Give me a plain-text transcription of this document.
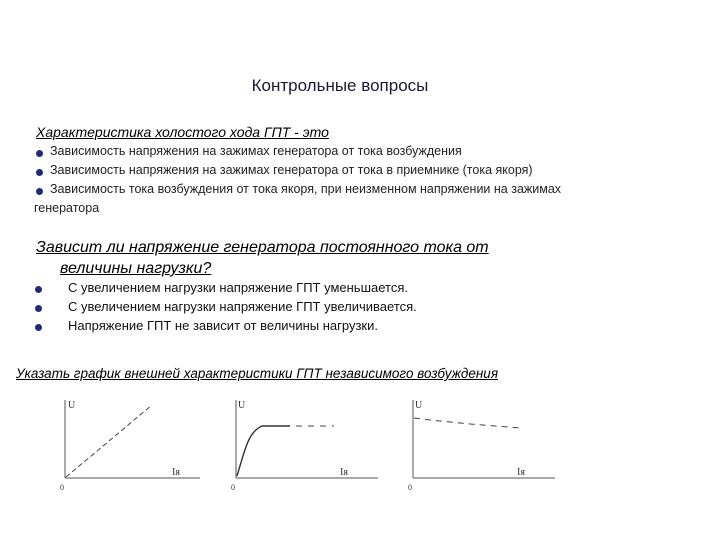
Контрольные вопросы
Характеристика холостого хода ГПТ - это
Зависимость напряжения на зажимах генератора от тока возбуждения
Зависимость напряжения на зажимах генератора от тока в приемнике (тока якоря)
Зависимость тока возбуждения от тока якоря, при неизменном напряжении на зажимах
генератора
Зависит ли напряжение генератора постоянного тока от
величины нагрузки?
С увеличением нагрузки напряжение ГПТ уменьшается.
С увеличением нагрузки напряжение ГПТ увеличивается.
Напряжение ГПТ не зависит от величины нагрузки.
Указать график внешней характеристики ГПТ независимого возбуждения
U
Iя
0
U
Iя
0
U
Iя
0
